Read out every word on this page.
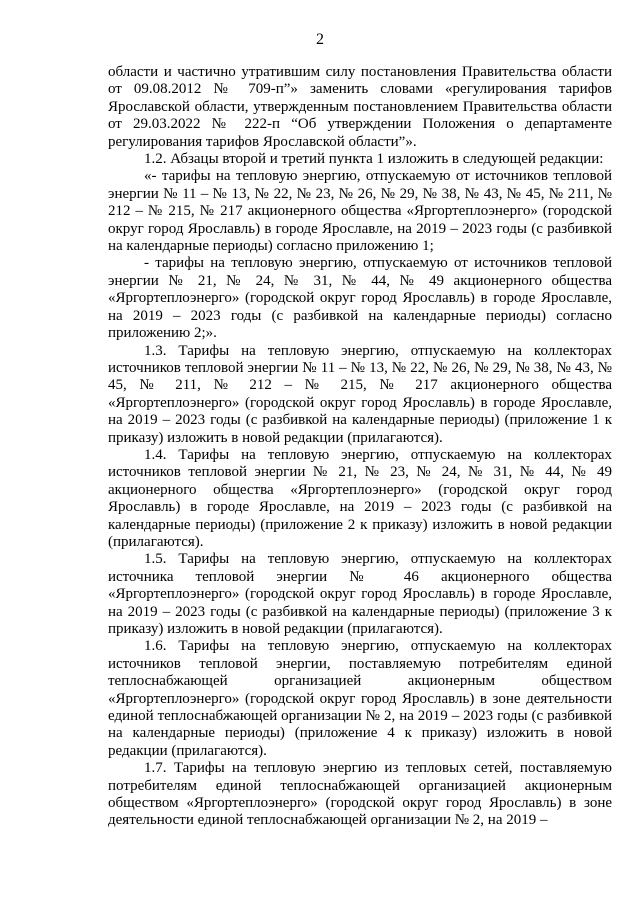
2

области и частично утратившим силу постановления Правительства области от 09.08.2012 № 709-п”» заменить словами «регулирования тарифов Ярославской области, утвержденным постановлением Правительства области от 29.03.2022 № 222-п “Об утверждении Положения о департаменте регулирования тарифов Ярославской области”».

1.2. Абзацы второй и третий пункта 1 изложить в следующей редакции:

«- тарифы на тепловую энергию, отпускаемую от источников тепловой энергии № 11 – № 13, № 22, № 23, № 26, № 29, № 38, № 43, № 45, № 211, № 212 – № 215, № 217 акционерного общества «Яргортеплоэнерго» (городской округ город Ярославль) в городе Ярославле, на 2019 – 2023 годы (с разбивкой на календарные периоды) согласно приложению 1;

- тарифы на тепловую энергию, отпускаемую от источников тепловой энергии № 21, № 24, № 31, № 44, № 49 акционерного общества «Яргортеплоэнерго» (городской округ город Ярославль) в городе Ярославле, на 2019 – 2023 годы (с разбивкой на календарные периоды) согласно приложению 2;».

1.3. Тарифы на тепловую энергию, отпускаемую на коллекторах источников тепловой энергии № 11 – № 13, № 22, № 26, № 29, № 38, № 43, № 45, № 211, № 212 – № 215, № 217 акционерного общества «Яргортеплоэнерго» (городской округ город Ярославль) в городе Ярославле, на 2019 – 2023 годы (с разбивкой на календарные периоды) (приложение 1 к приказу) изложить в новой редакции (прилагаются).

1.4. Тарифы на тепловую энергию, отпускаемую на коллекторах источников тепловой энергии № 21, № 23, № 24, № 31, № 44, № 49 акционерного общества «Яргортеплоэнерго» (городской округ город Ярославль) в городе Ярославле, на 2019 – 2023 годы (с разбивкой на календарные периоды) (приложение 2 к приказу) изложить в новой редакции (прилагаются).

1.5. Тарифы на тепловую энергию, отпускаемую на коллекторах источника тепловой энергии № 46 акционерного общества «Яргортеплоэнерго» (городской округ город Ярославль) в городе Ярославле, на 2019 – 2023 годы (с разбивкой на календарные периоды) (приложение 3 к приказу) изложить в новой редакции (прилагаются).

1.6. Тарифы на тепловую энергию, отпускаемую на коллекторах источников тепловой энергии, поставляемую потребителям единой теплоснабжающей организацией акционерным обществом «Яргортеплоэнерго» (городской округ город Ярославль) в зоне деятельности единой теплоснабжающей организации № 2, на 2019 – 2023 годы (с разбивкой на календарные периоды) (приложение 4 к приказу) изложить в новой редакции (прилагаются).

1.7. Тарифы на тепловую энергию из тепловых сетей, поставляемую потребителям единой теплоснабжающей организацией акционерным обществом «Яргортеплоэнерго» (городской округ город Ярославль) в зоне деятельности единой теплоснабжающей организации № 2, на 2019 –
